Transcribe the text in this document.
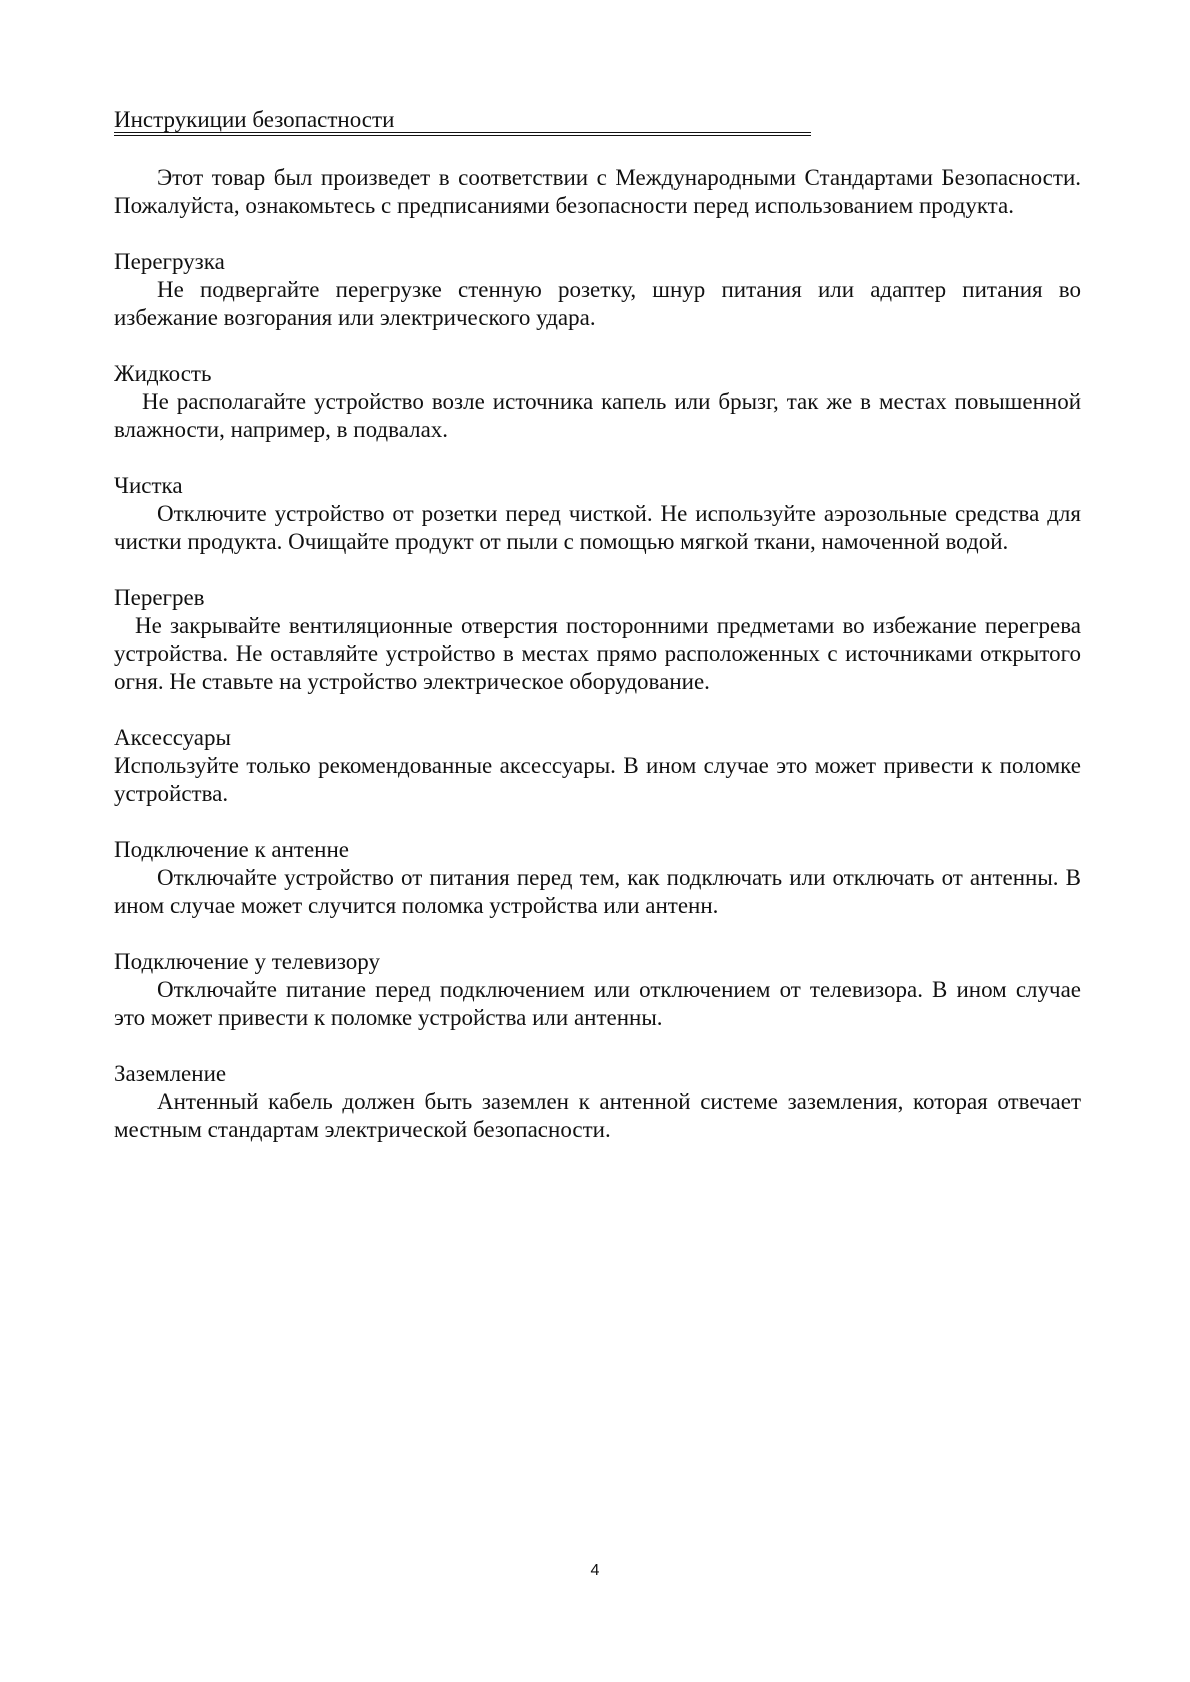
Инструкиции безопастности

Этот товар был произведет в соответствии с Международными Стандартами Безопасности. Пожалуйста, ознакомьтесь с предписаниями безопасности перед использованием продукта.

Перегрузка

Не подвергайте перегрузке стенную розетку, шнур питания или адаптер питания во избежание возгорания или электрического удара.

Жидкость

Не располагайте устройство возле источника капель или брызг, так же в местах повышенной влажности, например, в подвалах.

Чистка

Отключите устройство от розетки перед чисткой. Не используйте аэрозольные средства для чистки продукта. Очищайте продукт от пыли с помощью мягкой ткани, намоченной водой.

Перегрев

Не закрывайте вентиляционные отверстия посторонними предметами во избежание перегрева устройства. Не оставляйте устройство в местах прямо расположенных с источниками открытого огня. Не ставьте на устройство электрическое оборудование.

Аксессуары

Используйте только рекомендованные аксессуары. В ином случае это может привести к поломке устройства.

Подключение к антенне

Отключайте устройство от питания перед тем, как подключать или отключать от антенны. В ином случае может случится поломка устройства или антенн.

Подключение у телевизору

Отключайте питание перед подключением или отключением от телевизора. В ином случае это может привести к поломке устройства или антенны.

Заземление

Антенный кабель должен быть заземлен к антенной системе заземления, которая отвечает местным стандартам электрической безопасности.

4
